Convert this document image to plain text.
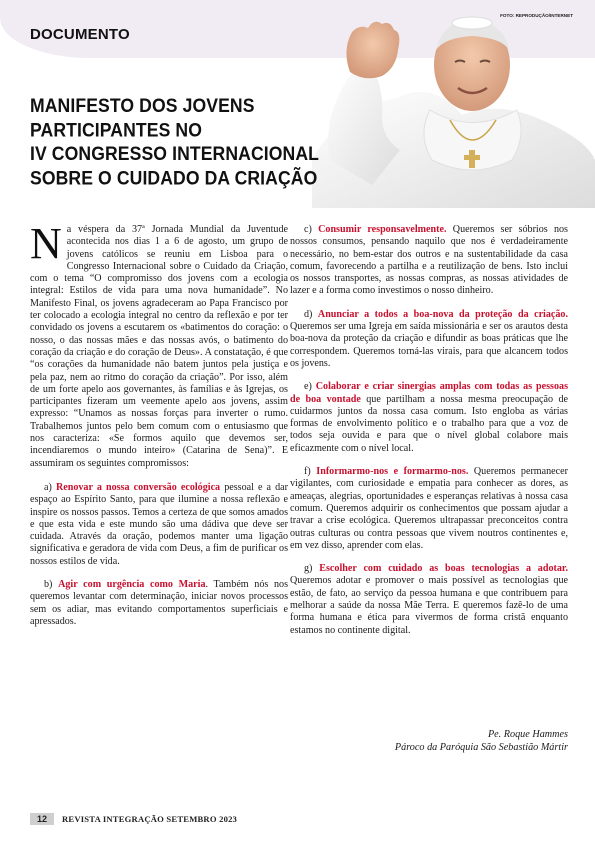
DOCUMENTO
FOTO: REPRODUÇÃO/INTERNET
MANIFESTO DOS JOVENS
PARTICIPANTES NO
IV CONGRESSO INTERNACIONAL
SOBRE O CUIDADO DA CRIAÇÃO

Na véspera da 37ª Jornada Mundial da Juventude acontecida nos dias 1 a 6 de agosto, um grupo de jovens católicos se reuniu em Lisboa para o Congresso Internacional sobre o Cuidado da Criação, com o tema “O compromisso dos jovens com a ecologia integral: Estilos de vida para uma nova humanidade”. No Manifesto Final, os jovens agradeceram ao Papa Francisco por ter colocado a ecologia integral no centro da reflexão e por ter convidado os jovens a escutarem os «batimentos do coração: o nosso, o das nossas mães e das nossas avós, o batimento do coração da criação e do coração de Deus». A constatação, é que “os corações da humanidade não batem juntos pela justiça e pela paz, nem ao ritmo do coração da criação”. Por isso, além de um forte apelo aos governantes, às famílias e às Igrejas, os participantes fizeram um veemente apelo aos jovens, assim expresso: “Unamos as nossas forças para inverter o rumo. Trabalhemos juntos pelo bem comum com o entusiasmo que nos caracteriza: «Se formos aquilo que devemos ser, incendiaremos o mundo inteiro» (Catarina de Sena)”. E assumiram os seguintes compromissos:

a) Renovar a nossa conversão ecológica pessoal e a dar espaço ao Espírito Santo, para que ilumine a nossa reflexão e inspire os nossos passos. Temos a certeza de que somos amados e que esta vida e este mundo são uma dádiva que deve ser cuidada. Através da oração, podemos manter uma ligação significativa e geradora de vida com Deus, a fim de purificar os nossos estilos de vida.

b) Agir com urgência como Maria. Também nós nos queremos levantar com determinação, iniciar novos processos sem os adiar, mas evitando comportamentos superficiais e apressados.

c) Consumir responsavelmente. Queremos ser sóbrios nos nossos consumos, pensando naquilo que nos é verdadeiramente necessário, no bem-estar dos outros e na sustentabilidade da casa comum, favorecendo a partilha e a reutilização de bens. Isto inclui os nossos transportes, as nossas compras, as nossas atividades de lazer e a forma como investimos o nosso dinheiro.

d) Anunciar a todos a boa-nova da proteção da criação. Queremos ser uma Igreja em saída missionária e ser os arautos desta boa-nova da proteção da criação e difundir as boas práticas que lhe correspondem. Queremos torná-las virais, para que alcancem todos os jovens.

e) Colaborar e criar sinergias amplas com todas as pessoas de boa vontade que partilham a nossa mesma preocupação de cuidarmos juntos da nossa casa comum. Isto engloba as várias formas de envolvimento político e o trabalho para que a voz de todos seja ouvida e para que o nível global colabore mais eficazmente com o nível local.

f) Informarmo-nos e formarmo-nos. Queremos permanecer vigilantes, com curiosidade e empatia para conhecer as dores, as ameaças, alegrias, oportunidades e esperanças relativas à nossa casa comum. Queremos adquirir os conhecimentos que possam ajudar a travar a crise ecológica. Queremos ultrapassar preconceitos contra outras culturas ou contra pessoas que vivem noutros continentes e, em vez disso, aprender com elas.

g) Escolher com cuidado as boas tecnologias a adotar. Queremos adotar e promover o mais possível as tecnologias que estão, de fato, ao serviço da pessoa humana e que contribuem para melhorar a saúde da nossa Mãe Terra. E queremos fazê-lo de uma forma humana e ética para vivermos de forma cristã enquanto estamos no continente digital.

Pe. Roque Hammes
Pároco da Paróquia São Sebastião Mártir
12	REVISTA INTEGRAÇÃO SETEMBRO 2023
